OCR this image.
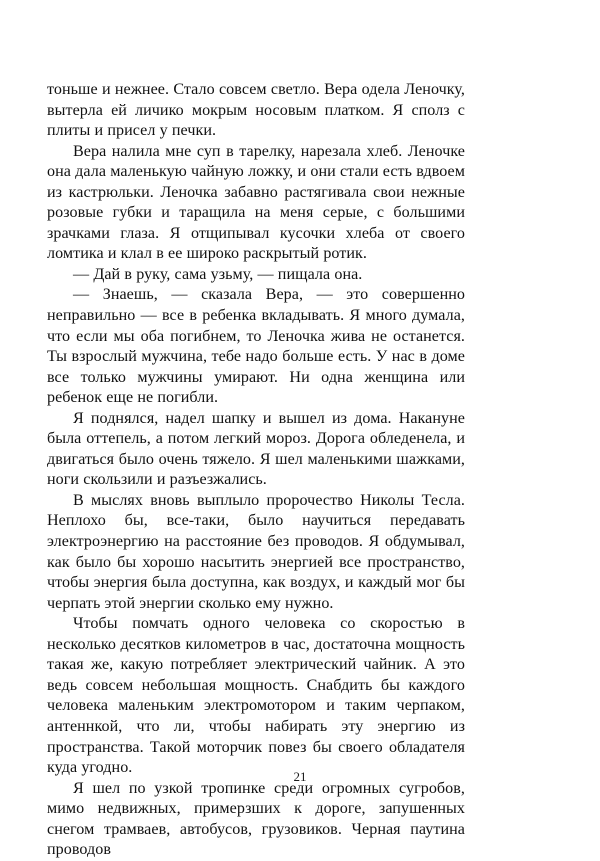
тоньше и нежнее. Стало совсем светло. Вера одела Леночку, вытерла ей личико мокрым носовым платком. Я сполз с плиты и присел у печки.

Вера налила мне суп в тарелку, нарезала хлеб. Леночке она дала маленькую чайную ложку, и они стали есть вдвоем из кастрюльки. Леночка забавно растягивала свои нежные розовые губки и таращила на меня серые, с большими зрачками глаза. Я отщипывал кусочки хлеба от своего ломтика и клал в ее широко раскрытый ротик.

— Дай в руку, сама узьму, — пищала она.

— Знаешь, — сказала Вера, — это совершенно неправильно — все в ребенка вкладывать. Я много думала, что если мы оба погибнем, то Леночка жива не останется. Ты взрослый мужчина, тебе надо больше есть. У нас в доме все только мужчины умирают. Ни одна женщина или ребенок еще не погибли.

Я поднялся, надел шапку и вышел из дома. Накануне была оттепель, а потом легкий мороз. Дорога обледенела, и двигаться было очень тяжело. Я шел маленькими шажками, ноги скользили и разъезжались.

В мыслях вновь выплыло пророчество Николы Тесла. Неплохо бы, все-таки, было научиться передавать электроэнергию на расстояние без проводов. Я обдумывал, как было бы хорошо насытить энергией все пространство, чтобы энергия была доступна, как воздух, и каждый мог бы черпать этой энергии сколько ему нужно.

Чтобы помчать одного человека со скоростью в несколько десятков километров в час, достаточна мощность такая же, какую потребляет электрический чайник. А это ведь совсем небольшая мощность. Снабдить бы каждого человека маленьким электромотором и таким черпаком, антеннкой, что ли, чтобы набирать эту энергию из пространства. Такой моторчик повез бы своего обладателя куда угодно.

Я шел по узкой тропинке среди огромных сугробов, мимо недвижных, примерзших к дороге, запушенных снегом трамваев, автобусов, грузовиков. Черная паутина проводов

21
